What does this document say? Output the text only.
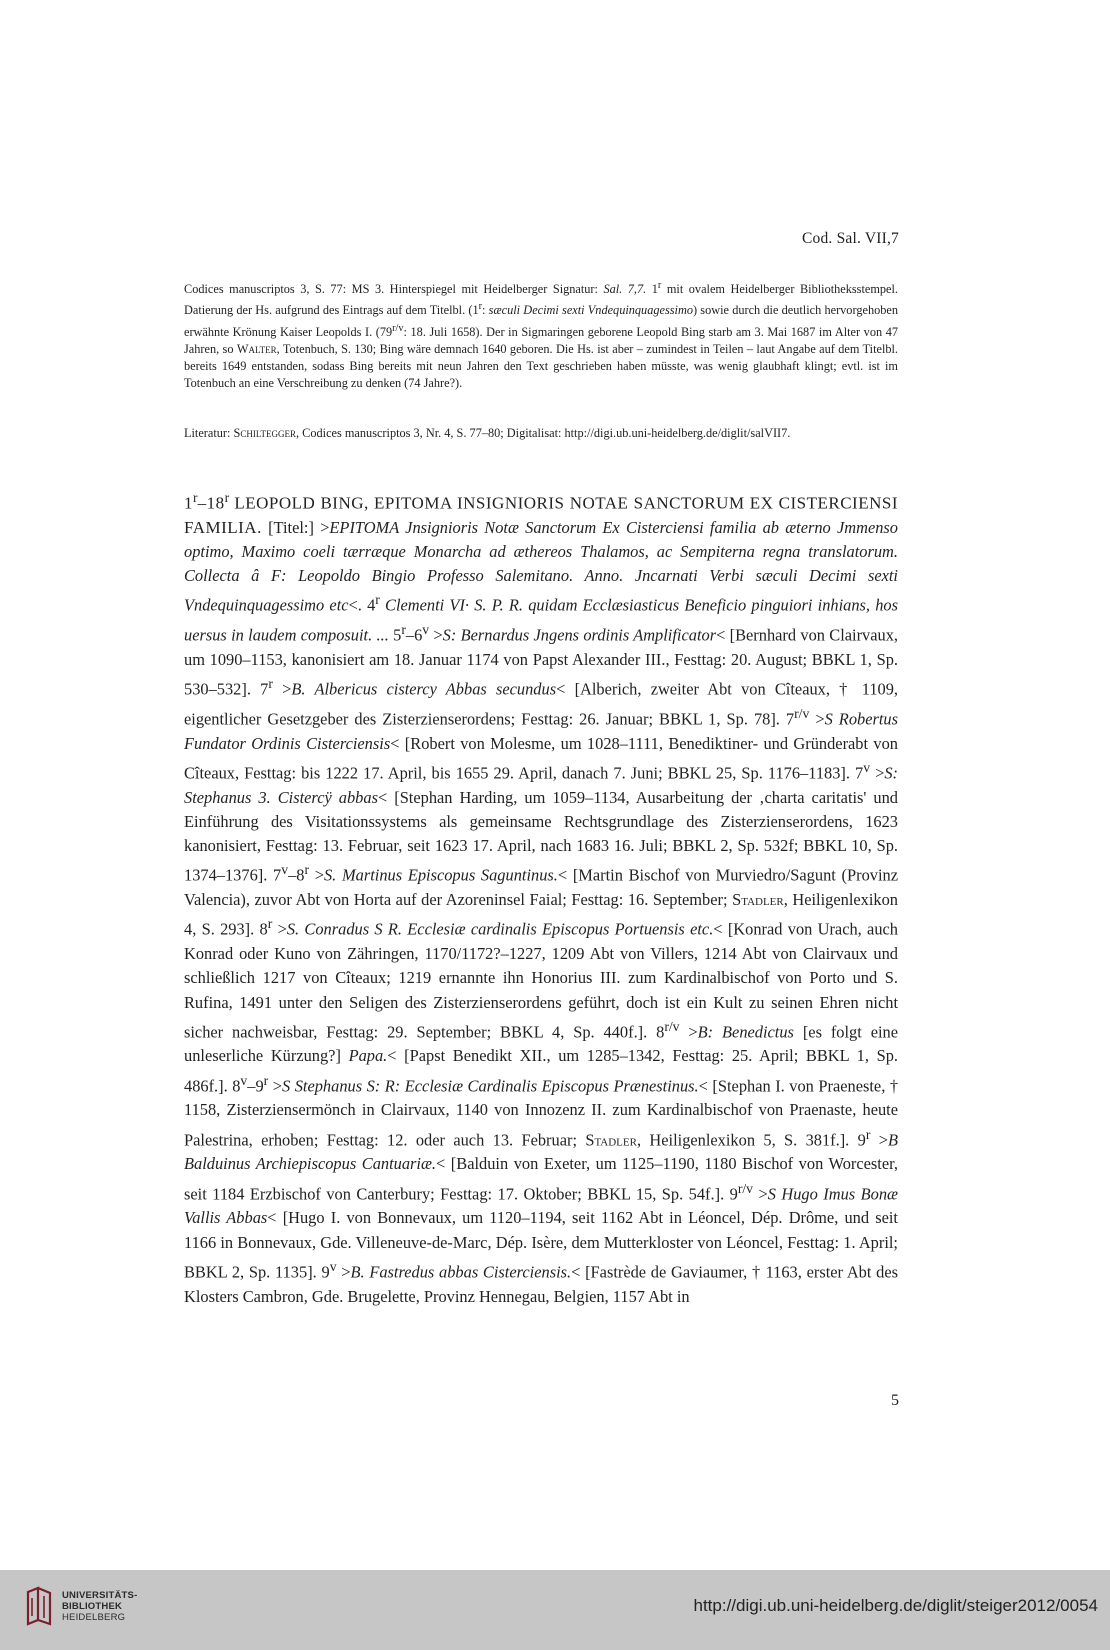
Cod. Sal. VII,7
Codices manuscriptos 3, S. 77: MS 3. Hinterspiegel mit Heidelberger Signatur: Sal. 7,7. 1$^r$ mit ovalem Heidelberger Bibliotheksstempel. Datierung der Hs. aufgrund des Eintrags auf dem Titelbl. (1$^r$: sæculi Decimi sexti Vndequinquagessimo) sowie durch die deutlich hervorgehoben erwähnte Krönung Kaiser Leopolds I. ($79^{r/v}$: 18. Juli 1658). Der in Sigmaringen geborene Leopold Bing starb am 3. Mai 1687 im Alter von 47 Jahren, so Walter, Totenbuch, S. 130; Bing wäre demnach 1640 geboren. Die Hs. ist aber – zumindest in Teilen – laut Angabe auf dem Titelbl. bereits 1649 entstanden, sodass Bing bereits mit neun Jahren den Text geschrieben haben müsste, was wenig glaubhaft klingt; evtl. ist im Totenbuch an eine Verschreibung zu denken (74 Jahre?).
Literatur: Schiltegger, Codices manuscriptos 3, Nr. 4, S. 77–80; Digitalisat: http://digi.ub.uni-heidelberg.de/diglit/salVII7.
1$^r$–18$^r$ LEOPOLD BING, EPITOMA INSIGNIORIS NOTAE SANCTORUM EX CISTERCIENSI FAMILIA. [Titel:] >EPITOMA Jnsignioris Notæ Sanctorum Ex Cisterciensi familia ab æterno Jmmenso optimo, Maximo coeli tærræque Monarcha ad æthereos Thalamos, ac Sempiterna regna translatorum. Collecta â F: Leopoldo Bingio Professo Salemitano. Anno. Jncarnati Verbi sæculi Decimi sexti Vndequinquagessimo etc<. 4$^r$ Clementi VI· S. P. R. quidam Ecclæsiasticus Beneficio pinguiori inhians, hos uersus in laudem composuit. ... $5^r-6^v >S$: Bernardus Jngens ordinis Amplificator< [Bernhard von Clairvaux, um 1090–1153, kanonisiert am 18. Januar 1174 von Papst Alexander III., Festtag: 20. August; BBKL 1, Sp. 530–532]. $7^r >B$. Albericus cistercy Abbas secundus< [Alberich, zweiter Abt von Cîteaux, † 1109, eigentlicher Gesetzgeber des Zisterzienserordens; Festtag: 26. Januar; BBKL 1, Sp. 78]. $7^{r/v} >S$ Robertus Fundator Ordinis Cisterciensis< [Robert von Molesme, um 1028–1111, Benediktiner- und Gründerabt von Cîteaux, Festtag: bis 1222 17. April, bis 1655 29. April, danach 7. Juni; BBKL 25, Sp. 1176–1183]. $7^v >S$: Stephanus 3. Cistercÿ abbas< [Stephan Harding, um 1059–1134, Ausarbeitung der ‚charta caritatis' und Einführung des Visitationssystems als gemeinsame Rechtsgrundlage des Zisterzienserordens, 1623 kanonisiert, Festtag: 13. Februar, seit 1623 17. April, nach 1683 16. Juli; BBKL 2, Sp. 532f; BBKL 10, Sp. 1374–1376]. $7^v-8^r >S$. Martinus Episcopus Saguntinus.< [Martin Bischof von Murviedro/Sagunt (Provinz Valencia), zuvor Abt von Horta auf der Azoreninsel Faial; Festtag: 16. September; Stadler, Heiligenlexikon 4, S. 293]. $8^r >S$. Conradus S R. Ecclesiæ cardinalis Episcopus Portuensis etc.< [Konrad von Urach, auch Konrad oder Kuno von Zähringen, 1170/1172?–1227, 1209 Abt von Villers, 1214 Abt von Clairvaux und schließlich 1217 von Cîteaux; 1219 ernannte ihn Honorius III. zum Kardinalbischof von Porto und S. Rufina, 1491 unter den Seligen des Zisterzienserordens geführt, doch ist ein Kult zu seinen Ehren nicht sicher nachweisbar, Festtag: 29. September; BBKL 4, Sp. 440f.]. $8^{r/v} >B$: Benedictus [es folgt eine unleserliche Kürzung?] Papa.< [Papst Benedikt XII., um 1285–1342, Festtag: 25. April; BBKL 1, Sp. 486f.]. $8^v-9^r >S$ Stephanus S: R: Ecclesiæ Cardinalis Episcopus Prænestinus.< [Stephan I. von Praeneste, † 1158, Zisterziensermönch in Clairvaux, 1140 von Innozenz II. zum Kardinalbischof von Praenaste, heute Palestrina, erhoben; Festtag: 12. oder auch 13. Februar; Stadler, Heiligenlexikon 5, S. 381f.]. $9^r >B$ Balduinus Archiepiscopus Cantuariæ.< [Balduin von Exeter, um 1125–1190, 1180 Bischof von Worcester, seit 1184 Erzbischof von Canterbury; Festtag: 17. Oktober; BBKL 15, Sp. 54f.]. $9^{r/v} >S$ Hugo Imus Bonæ Vallis Abbas< [Hugo I. von Bonnevaux, um 1120–1194, seit 1162 Abt in Léoncel, Dép. Drôme, und seit 1166 in Bonnevaux, Gde. Villeneuve-de-Marc, Dép. Isère, dem Mutterkloster von Léoncel, Festtag: 1. April; BBKL 2, Sp. 1135]. $9^v >B$. Fastredus abbas Cisterciensis.< [Fastrède de Gaviaumer, † 1163, erster Abt des Klosters Cambron, Gde. Brugelette, Provinz Hennegau, Belgien, 1157 Abt in
5
UNIVERSITÄTS-
BIBLIOTHEK
HEIDELBERG
http://digi.ub.uni-heidelberg.de/diglit/steiger2012/0054
